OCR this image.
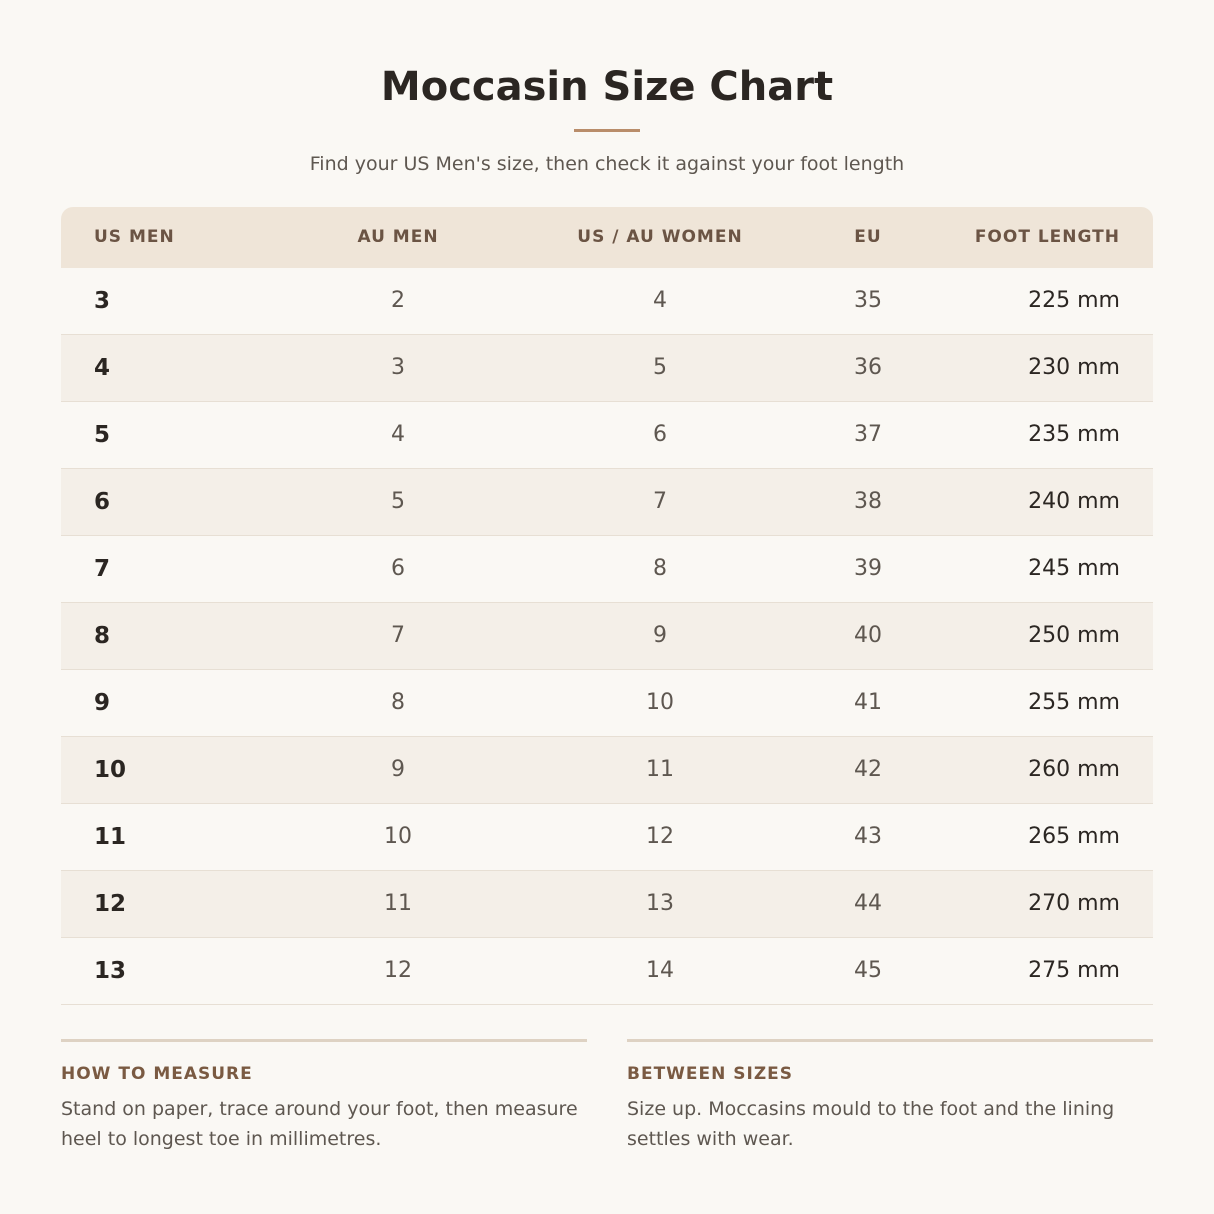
Moccasin Size Chart
Find your US Men's size, then check it against your foot length
US MEN	AU MEN	US / AU WOMEN	EU	FOOT LENGTH
3	2	4	35	225 mm
4	3	5	36	230 mm
5	4	6	37	235 mm
6	5	7	38	240 mm
7	6	8	39	245 mm
8	7	9	40	250 mm
9	8	10	41	255 mm
10	9	11	42	260 mm
11	10	12	43	265 mm
12	11	13	44	270 mm
13	12	14	45	275 mm
HOW TO MEASURE
Stand on paper, trace around your foot, then measure heel to longest toe in millimetres.
BETWEEN SIZES
Size up. Moccasins mould to the foot and the lining settles with wear.
